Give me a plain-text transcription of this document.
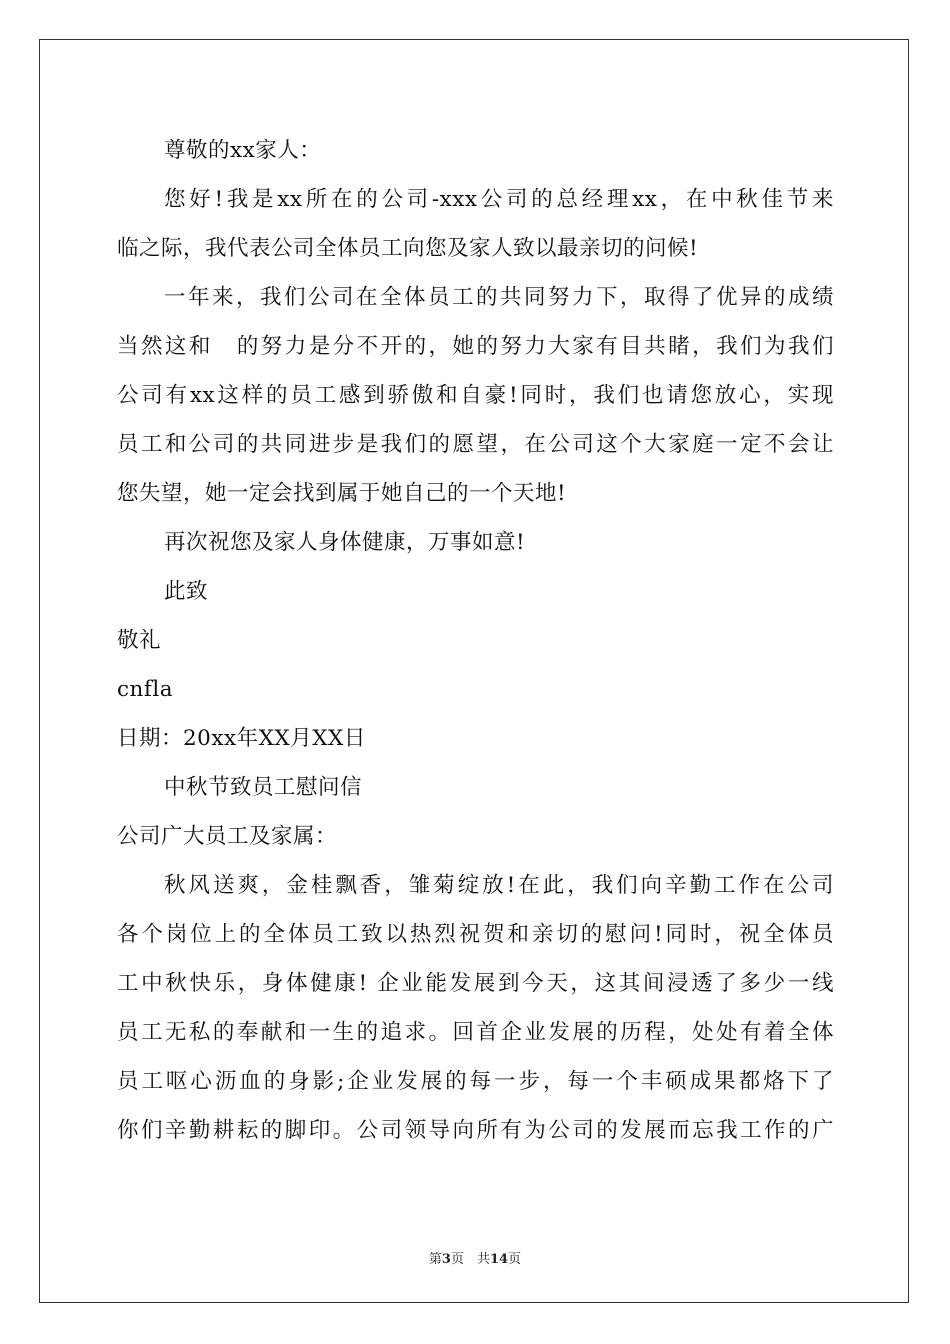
尊敬的xx家人：
您好!我是xx所在的公司-xxx公司的总经理xx，在中秋佳节来
临之际，我代表公司全体员工向您及家人致以最亲切的问候!
一年来，我们公司在全体员工的共同努力下，取得了优异的成绩
当然这和　的努力是分不开的，她的努力大家有目共睹，我们为我们
公司有xx这样的员工感到骄傲和自豪!同时，我们也请您放心，实现
员工和公司的共同进步是我们的愿望，在公司这个大家庭一定不会让
您失望，她一定会找到属于她自己的一个天地!
再次祝您及家人身体健康，万事如意!
此致
敬礼
cnfla
日期：20xx年XX月XX日
中秋节致员工慰问信
公司广大员工及家属：
秋风送爽，金桂飘香，雏菊绽放!在此，我们向辛勤工作在公司
各个岗位上的全体员工致以热烈祝贺和亲切的慰问!同时，祝全体员
工中秋快乐，身体健康! 企业能发展到今天，这其间浸透了多少一线
员工无私的奉献和一生的追求。回首企业发展的历程，处处有着全体
员工呕心沥血的身影;企业发展的每一步，每一个丰硕成果都烙下了
你们辛勤耕耘的脚印。公司领导向所有为公司的发展而忘我工作的广
第3页　共14页
